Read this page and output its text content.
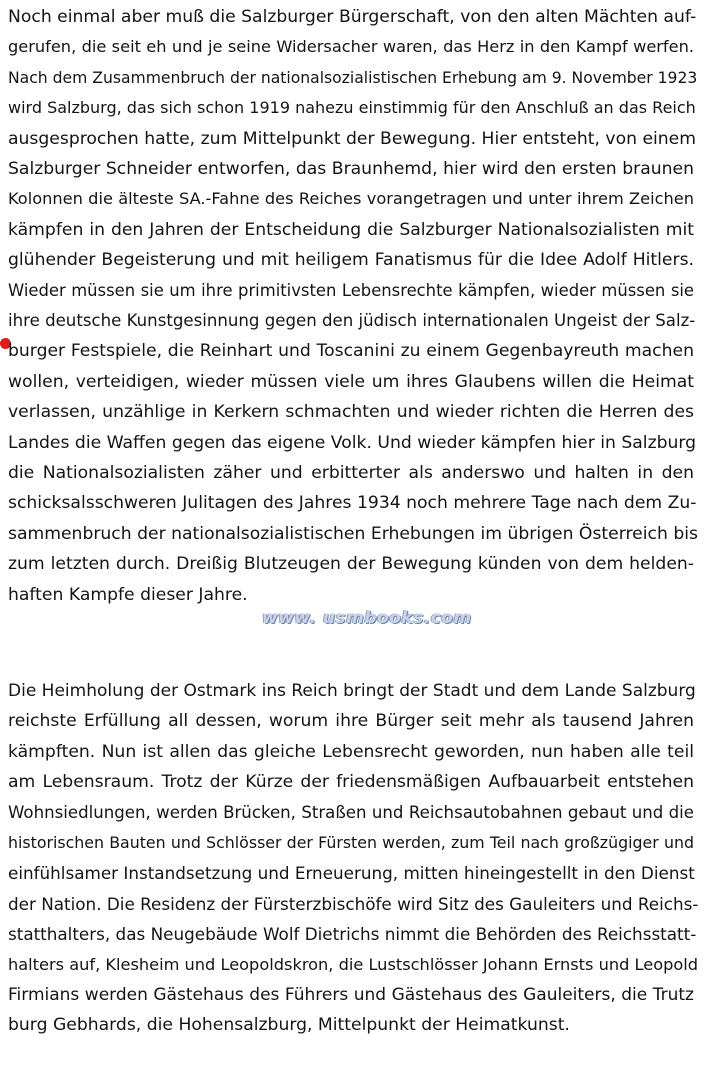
Noch einmal aber muß die Salzburger Bürgerschaft, von den alten Mächten auf-
gerufen, die seit eh und je seine Widersacher waren, das Herz in den Kampf werfen.
Nach dem Zusammenbruch der nationalsozialistischen Erhebung am 9. November 1923
wird Salzburg, das sich schon 1919 nahezu einstimmig für den Anschluß an das Reich
ausgesprochen hatte, zum Mittelpunkt der Bewegung. Hier entsteht, von einem
Salzburger Schneider entworfen, das Braunhemd, hier wird den ersten braunen
Kolonnen die älteste SA.-Fahne des Reiches vorangetragen und unter ihrem Zeichen
kämpfen in den Jahren der Entscheidung die Salzburger Nationalsozialisten mit
glühender Begeisterung und mit heiligem Fanatismus für die Idee Adolf Hitlers.
Wieder müssen sie um ihre primitivsten Lebensrechte kämpfen, wieder müssen sie
ihre deutsche Kunstgesinnung gegen den jüdisch internationalen Ungeist der Salz-
burger Festspiele, die Reinhart und Toscanini zu einem Gegenbayreuth machen
wollen, verteidigen, wieder müssen viele um ihres Glaubens willen die Heimat
verlassen, unzählige in Kerkern schmachten und wieder richten die Herren des
Landes die Waffen gegen das eigene Volk. Und wieder kämpfen hier in Salzburg
die Nationalsozialisten zäher und erbitterter als anderswo und halten in den
schicksalsschweren Julitagen des Jahres 1934 noch mehrere Tage nach dem Zu-
sammenbruch der nationalsozialistischen Erhebungen im übrigen Österreich bis
zum letzten durch. Dreißig Blutzeugen der Bewegung künden von dem helden-
haften Kampfe dieser Jahre.
Die Heimholung der Ostmark ins Reich bringt der Stadt und dem Lande Salzburg
reichste Erfüllung all dessen, worum ihre Bürger seit mehr als tausend Jahren
kämpften. Nun ist allen das gleiche Lebensrecht geworden, nun haben alle teil
am Lebensraum. Trotz der Kürze der friedensmäßigen Aufbauarbeit entstehen
Wohnsiedlungen, werden Brücken, Straßen und Reichsautobahnen gebaut und die
historischen Bauten und Schlösser der Fürsten werden, zum Teil nach großzügiger und
einfühlsamer Instandsetzung und Erneuerung, mitten hineingestellt in den Dienst
der Nation. Die Residenz der Fürsterzbischöfe wird Sitz des Gauleiters und Reichs-
statthalters, das Neugebäude Wolf Dietrichs nimmt die Behörden des Reichsstatt-
halters auf, Klesheim und Leopoldskron, die Lustschlösser Johann Ernsts und Leopold
Firmians werden Gästehaus des Führers und Gästehaus des Gauleiters, die Trutz
burg Gebhards, die Hohensalzburg, Mittelpunkt der Heimatkunst.
www. usmbooks.com
